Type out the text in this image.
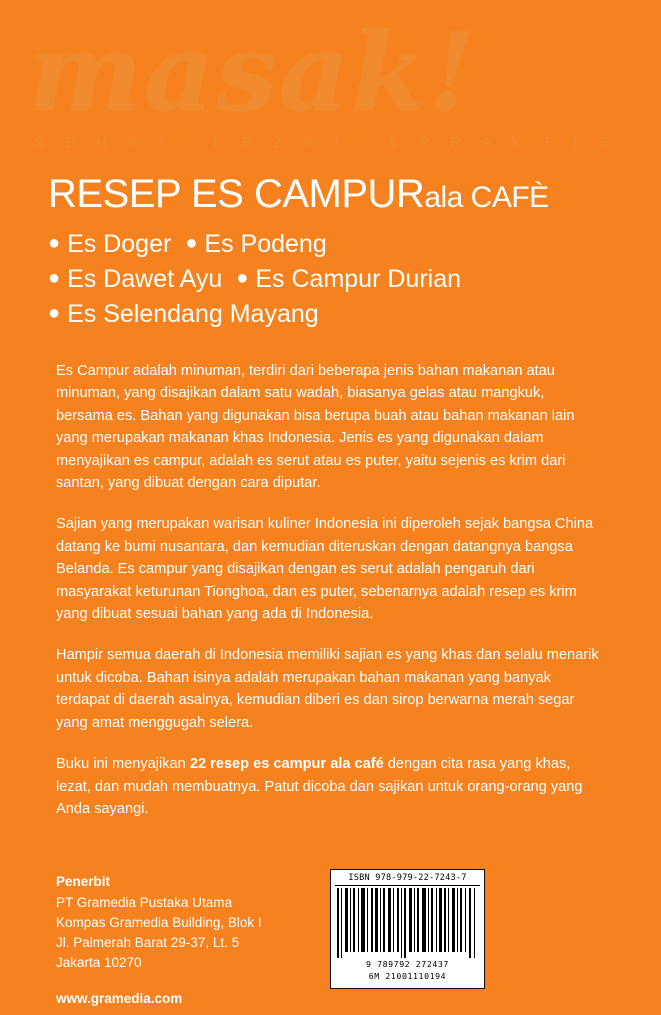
masak!
S E H A T , L E Z A T , & P R A K T I S
RESEP ES CAMPURala CAFÈ
● Es Doger ● Es Podeng
● Es Dawet Ayu ● Es Campur Durian
● Es Selendang Mayang

Es Campur adalah minuman, terdiri dari beberapa jenis bahan makanan atau minuman, yang disajikan dalam satu wadah, biasanya gelas atau mangkuk, bersama es. Bahan yang digunakan bisa berupa buah atau bahan makanan lain yang merupakan makanan khas Indonesia. Jenis es yang digunakan dalam menyajikan es campur, adalah es serut atau es puter, yaitu sejenis es krim dari santan, yang dibuat dengan cara diputar.

Sajian yang merupakan warisan kuliner Indonesia ini diperoleh sejak bangsa China datang ke bumi nusantara, dan kemudian diteruskan dengan datangnya bangsa Belanda. Es campur yang disajikan dengan es serut adalah pengaruh dari masyarakat keturunan Tionghoa, dan es puter, sebenarnya adalah resep es krim yang dibuat sesuai bahan yang ada di Indonesia.

Hampir semua daerah di Indonesia memiliki sajian es yang khas dan selalu menarik untuk dicoba. Bahan isinya adalah merupakan bahan makanan yang banyak terdapat di daerah asalnya, kemudian diberi es dan sirop berwarna merah segar yang amat menggugah selera.

Buku ini menyajikan 22 resep es campur ala café dengan cita rasa yang khas, lezat, dan mudah membuatnya. Patut dicoba dan sajikan untuk orang-orang yang Anda sayangi.

Penerbit
PT Gramedia Pustaka Utama
Kompas Gramedia Building, Blok I
Jl. Palmerah Barat 29-37, Lt. 5
Jakarta 10270
www.gramedia.com
ISBN 978-979-22-7243-7
9 789792 272437
6M 21001110194
